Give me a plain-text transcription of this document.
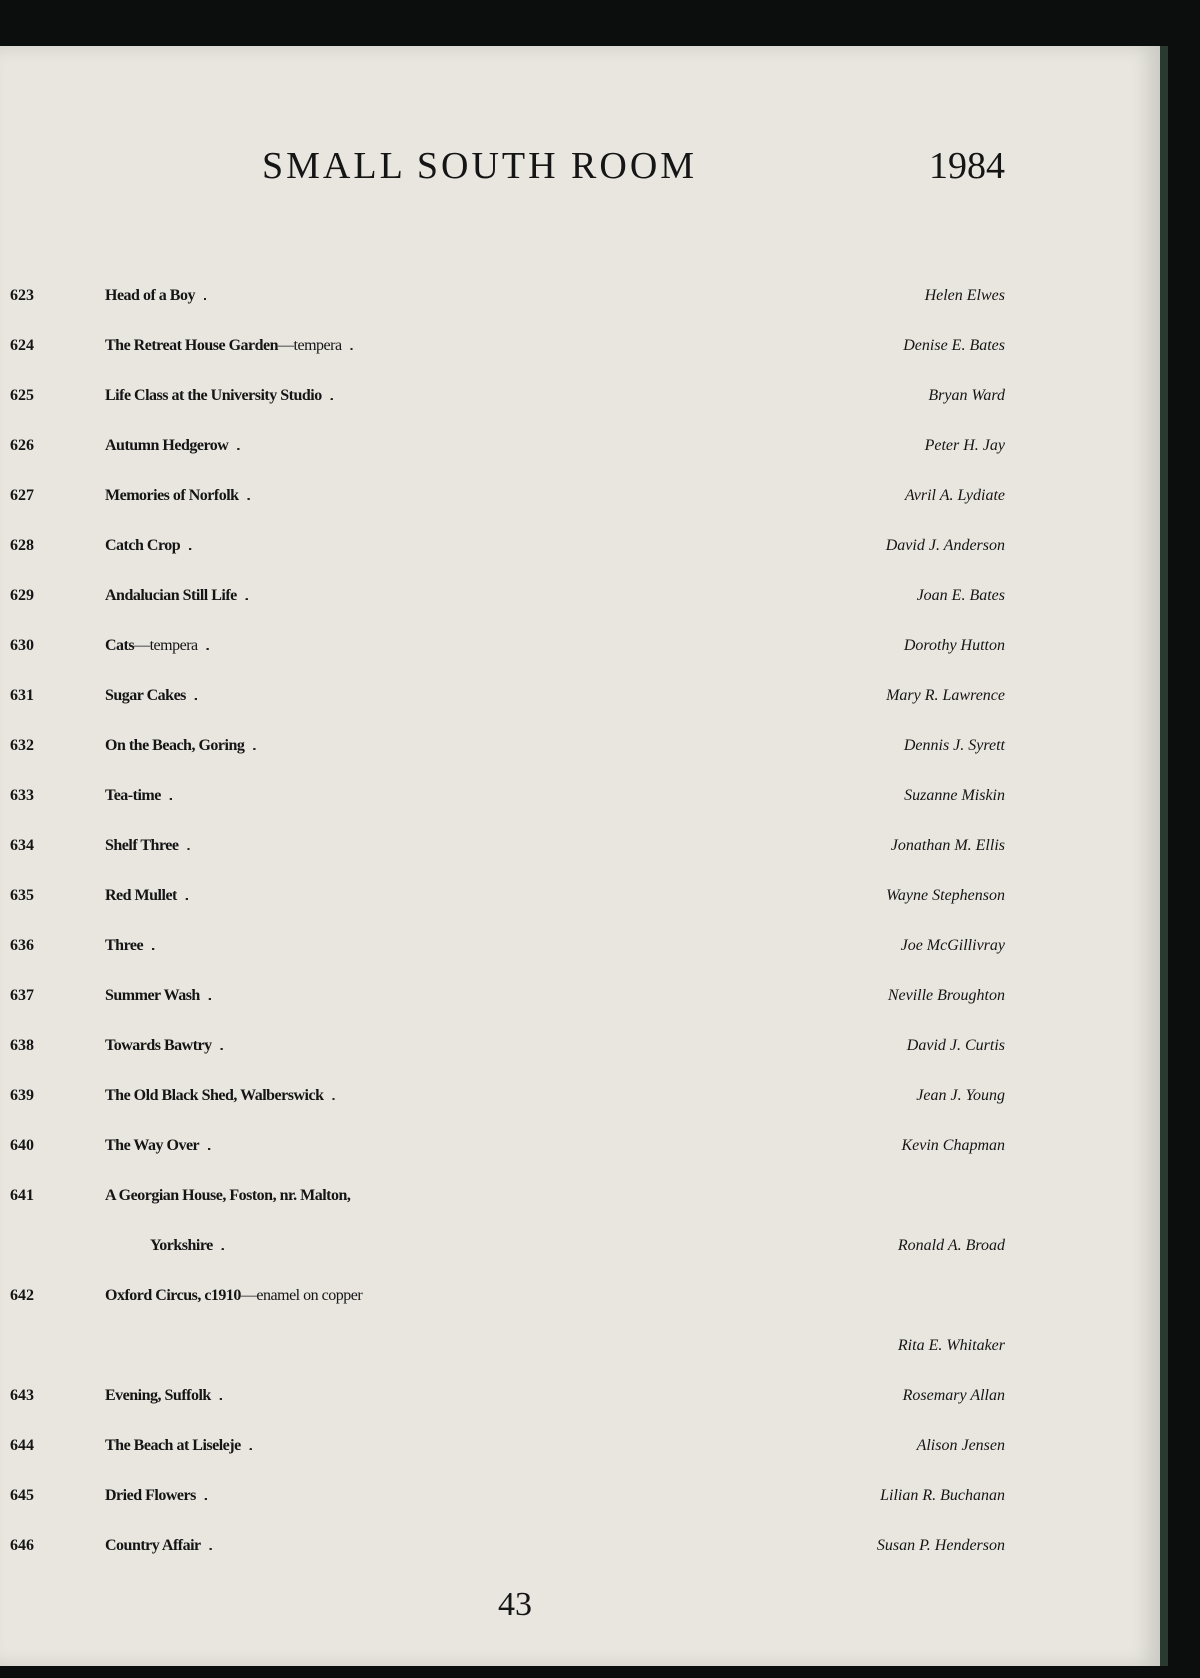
SMALL SOUTH ROOM	1984
623	Head of a Boy . . .	Helen Elwes
624	The Retreat House Garden —tempera . . .	Denise E. Bates
625	Life Class at the University Studio . . .	Bryan Ward
626	Autumn Hedgerow . . .	Peter H. Jay
627	Memories of Norfolk . . .	Avril A. Lydiate
628	Catch Crop . . .	David J. Anderson
629	Andalucian Still Life . . .	Joan E. Bates
630	Cats —tempera . . .	Dorothy Hutton
631	Sugar Cakes . . .	Mary R. Lawrence
632	On the Beach, Goring . . .	Dennis J. Syrett
633	Tea-time . . .	Suzanne Miskin
634	Shelf Three . . .	Jonathan M. Ellis
635	Red Mullet . . .	Wayne Stephenson
636	Three . . .	Joe McGillivray
637	Summer Wash . . .	Neville Broughton
638	Towards Bawtry . . .	David J. Curtis
639	The Old Black Shed, Walberswick . . .	Jean J. Young
640	The Way Over . . .	Kevin Chapman
641	A Georgian House, Foston, nr. Malton,
Yorkshire . . .	Ronald A. Broad
642	Oxford Circus, c1910 —enamel on copper
Rita E. Whitaker
643	Evening, Suffolk . . .	Rosemary Allan
644	The Beach at Liseleje . . .	Alison Jensen
645	Dried Flowers . . .	Lilian R. Buchanan
646	Country Affair . . .	Susan P. Henderson
43
